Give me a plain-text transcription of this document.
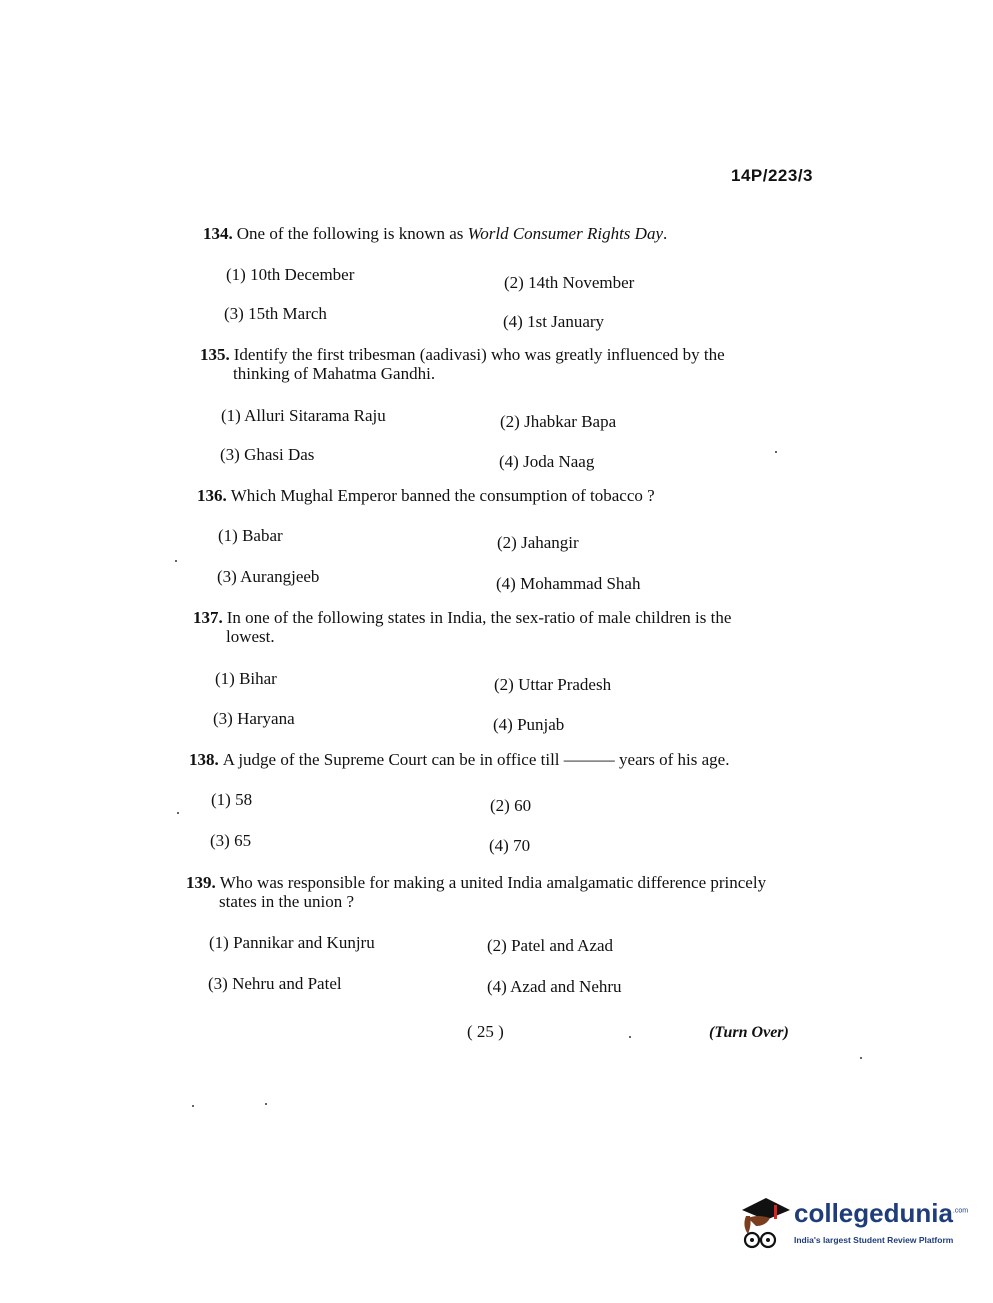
14P/223/3
134. One of the following is known as World Consumer Rights Day.
(1) 10th December	(2) 14th November
(3) 15th March	(4) 1st January
135. Identify the first tribesman (aadivasi) who was greatly influenced by the
thinking of Mahatma Gandhi.
(1) Alluri Sitarama Raju	(2) Jhabkar Bapa
(3) Ghasi Das	(4) Joda Naag
136. Which Mughal Emperor banned the consumption of tobacco ?
(1) Babar	(2) Jahangir
(3) Aurangjeeb	(4) Mohammad Shah
137. In one of the following states in India, the sex-ratio of male children is the
lowest.
(1) Bihar	(2) Uttar Pradesh
(3) Haryana	(4) Punjab
138. A judge of the Supreme Court can be in office till ——— years of his age.
(1) 58	(2) 60
(3) 65	(4) 70
139. Who was responsible for making a united India amalgamatic difference princely
states in the union ?
(1) Pannikar and Kunjru	(2) Patel and Azad
(3) Nehru and Patel	(4) Azad and Nehru
( 25 )	(Turn Over)
collegedunia$^{.com}$
India's largest Student Review Platform
